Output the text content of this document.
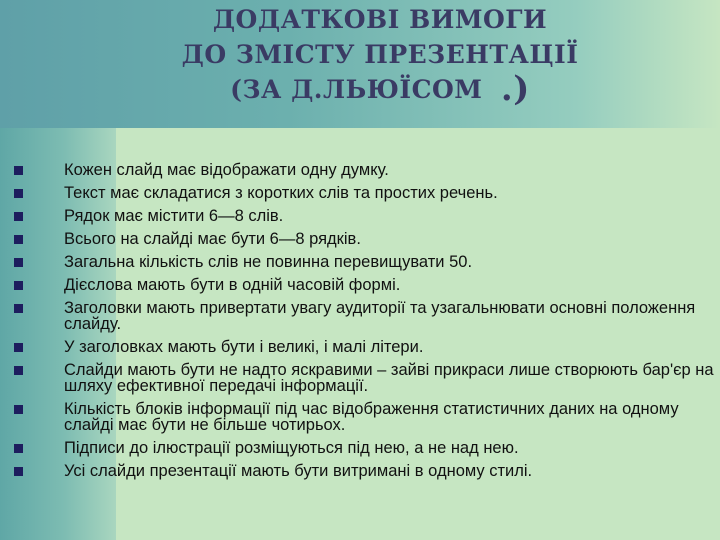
ДОДАТКОВІ ВИМОГИ
ДО ЗМІСТУ ПРЕЗЕНТАЦІЇ
(ЗА Д.ЛЬЮЇСОМ .)
Кожен слайд має відображати одну думку.
Текст має складатися з коротких слів та простих речень.
Рядок має містити 6—8 слів.
Всього на слайді має бути 6—8 рядків.
Загальна кількість слів не повинна перевищувати 50.
Дієслова мають бути в одній часовій формі.
Заголовки мають привертати увагу аудиторії та узагальнювати основні положення слайду.
У заголовках мають бути і великі, і малі літери.
Слайди мають бути не надто яскравими – зайві прикраси лише створюють бар'єр на шляху ефективної передачі інформації.
Кількість блоків інформації під час відображення статистичних даних на одному слайді має бути не більше чотирьох.
Підписи до ілюстрації розміщуються під нею, а не над нею.
Усі слайди презентації мають бути витримані в одному стилі.
